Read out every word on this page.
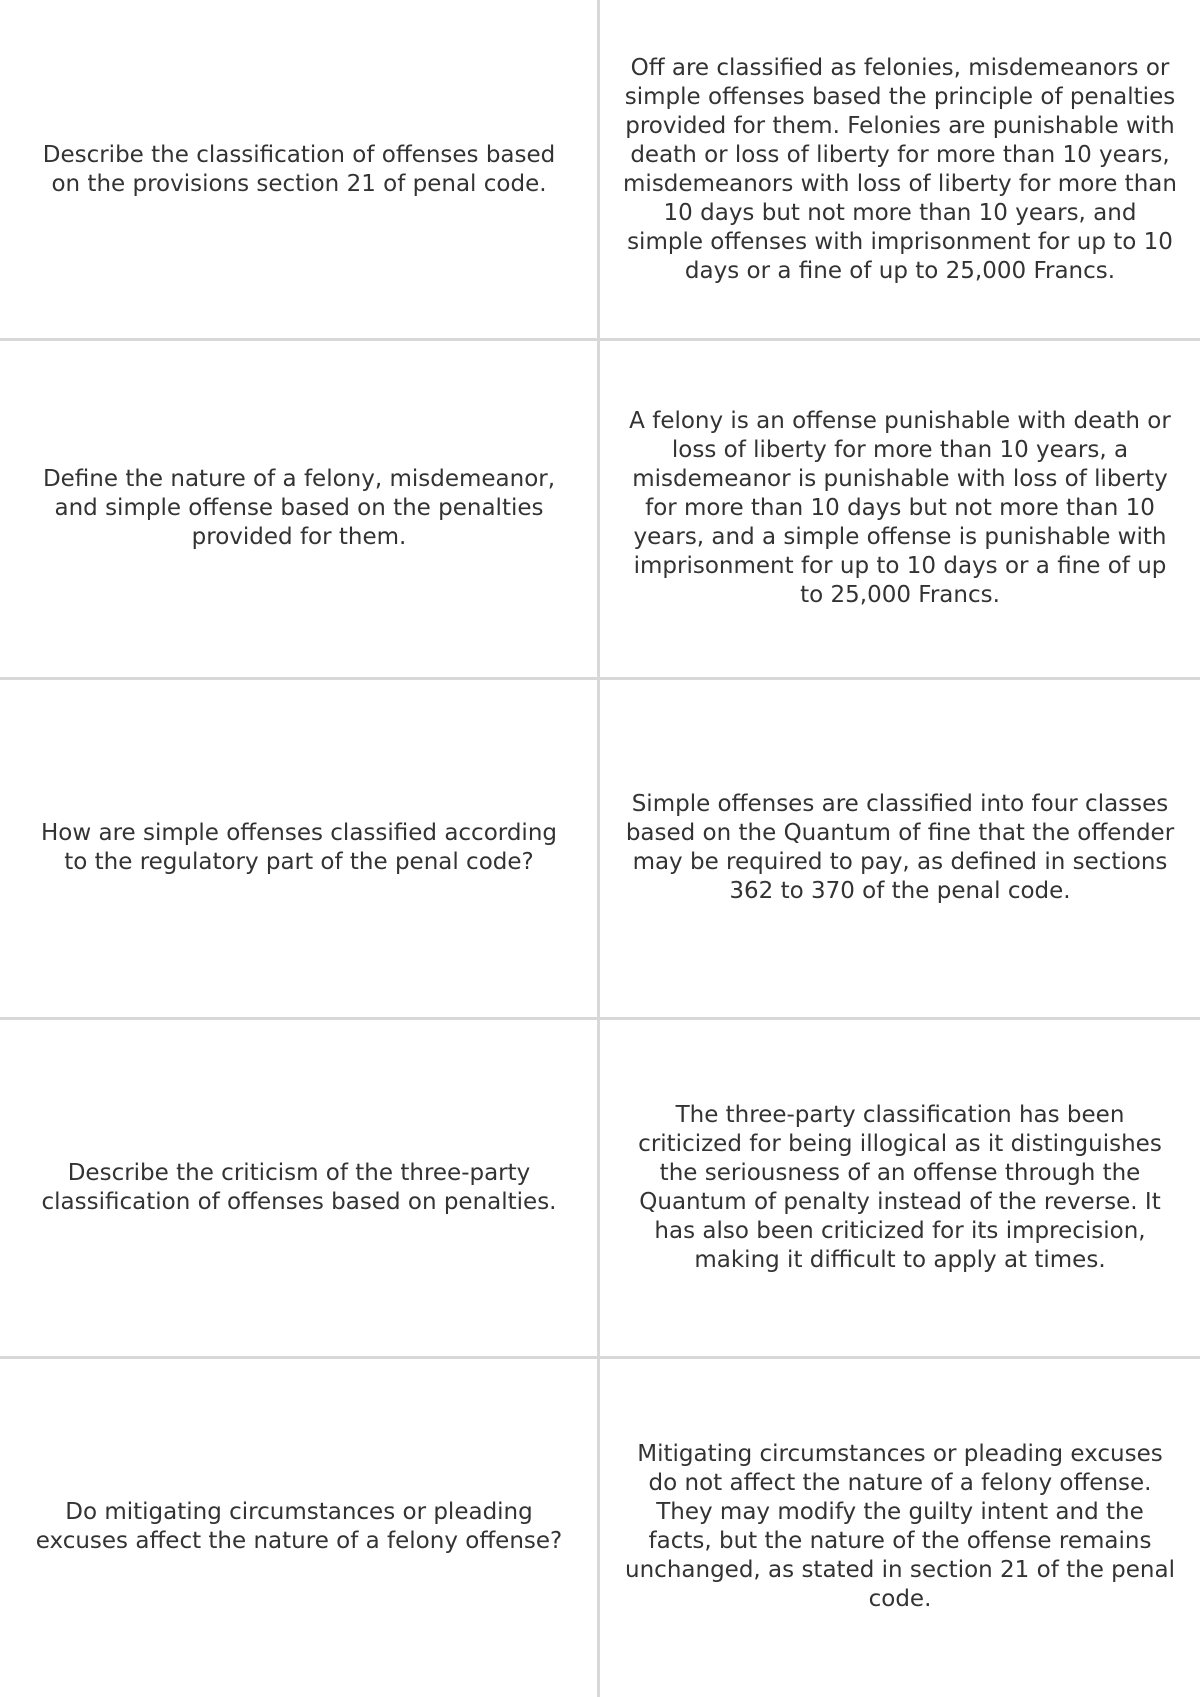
Describe the classification of offenses based on the provisions section 21 of penal code.
Off are classified as felonies, misdemeanors or simple offenses based the principle of penalties provided for them. Felonies are punishable with death or loss of liberty for more than 10 years, misdemeanors with loss of liberty for more than 10 days but not more than 10 years, and simple offenses with imprisonment for up to 10 days or a fine of up to 25,000 Francs.
Define the nature of a felony, misdemeanor, and simple offense based on the penalties provided for them.
A felony is an offense punishable with death or loss of liberty for more than 10 years, a misdemeanor is punishable with loss of liberty for more than 10 days but not more than 10 years, and a simple offense is punishable with imprisonment for up to 10 days or a fine of up to 25,000 Francs.
How are simple offenses classified according to the regulatory part of the penal code?
Simple offenses are classified into four classes based on the Quantum of fine that the offender may be required to pay, as defined in sections 362 to 370 of the penal code.
Describe the criticism of the three-party classification of offenses based on penalties.
The three-party classification has been criticized for being illogical as it distinguishes the seriousness of an offense through the Quantum of penalty instead of the reverse. It has also been criticized for its imprecision, making it difficult to apply at times.
Do mitigating circumstances or pleading excuses affect the nature of a felony offense?
Mitigating circumstances or pleading excuses do not affect the nature of a felony offense. They may modify the guilty intent and the facts, but the nature of the offense remains unchanged, as stated in section 21 of the penal code.
